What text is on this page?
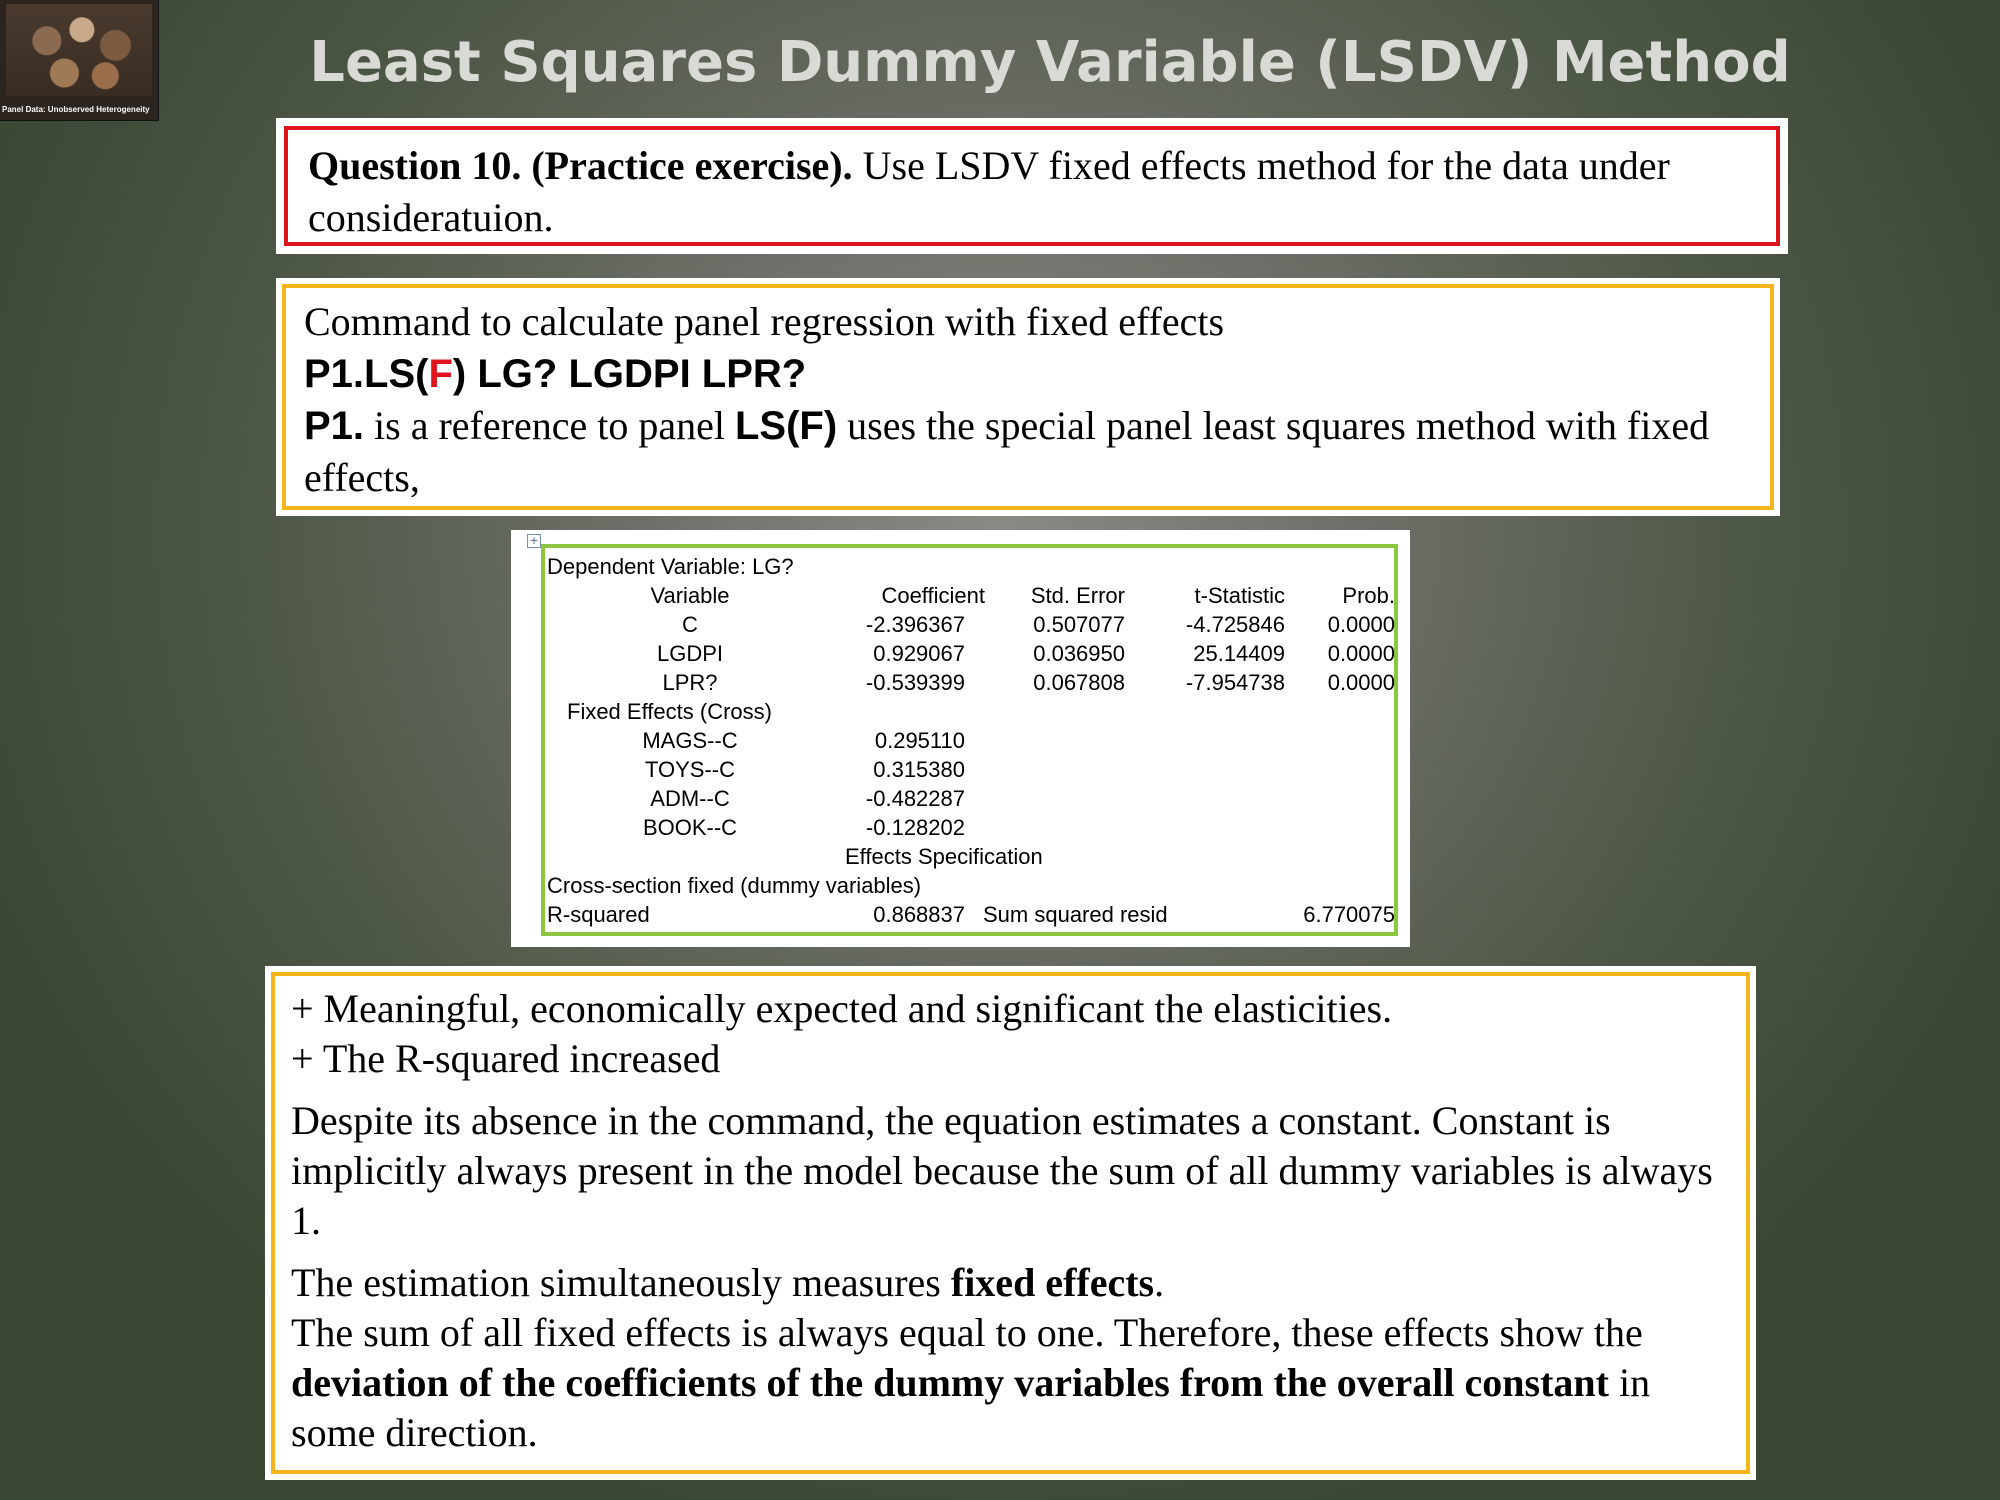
Panel Data: Unobserved Heterogeneity
Least Squares Dummy Variable (LSDV) Method
Question 10. (Practice exercise). Use LSDV fixed effects method for the data under consideratuion.
Command to calculate panel regression with fixed effects
P1.LS(F) LG? LGDPI LPR?
P1. is a reference to panel LS(F) uses the special panel least squares method with fixed effects,
+
Dependent Variable: LG?
Variable	Coefficient	Std. Error	t-Statistic	Prob.
C	-2.396367	0.507077	-4.725846	0.0000
LGDPI	0.929067	0.036950	25.14409	0.0000
LPR?	-0.539399	0.067808	-7.954738	0.0000
Fixed Effects (Cross)
MAGS--C	0.295110
TOYS--C	0.315380
ADM--C	-0.482287
BOOK--C	-0.128202
Effects Specification
Cross-section fixed (dummy variables)
R-squared	0.868837 Sum squared resid	6.770075

+ Meaningful, economically expected and significant the elasticities.

+ The R-squared increased

Despite its absence in the command, the equation estimates a constant. Constant is implicitly always present in the model because the sum of all dummy variables is always 1.

The estimation simultaneously measures fixed effects.

The sum of all fixed effects is always equal to one. Therefore, these effects show the deviation of the coefficients of the dummy variables from the overall constant in some direction.
